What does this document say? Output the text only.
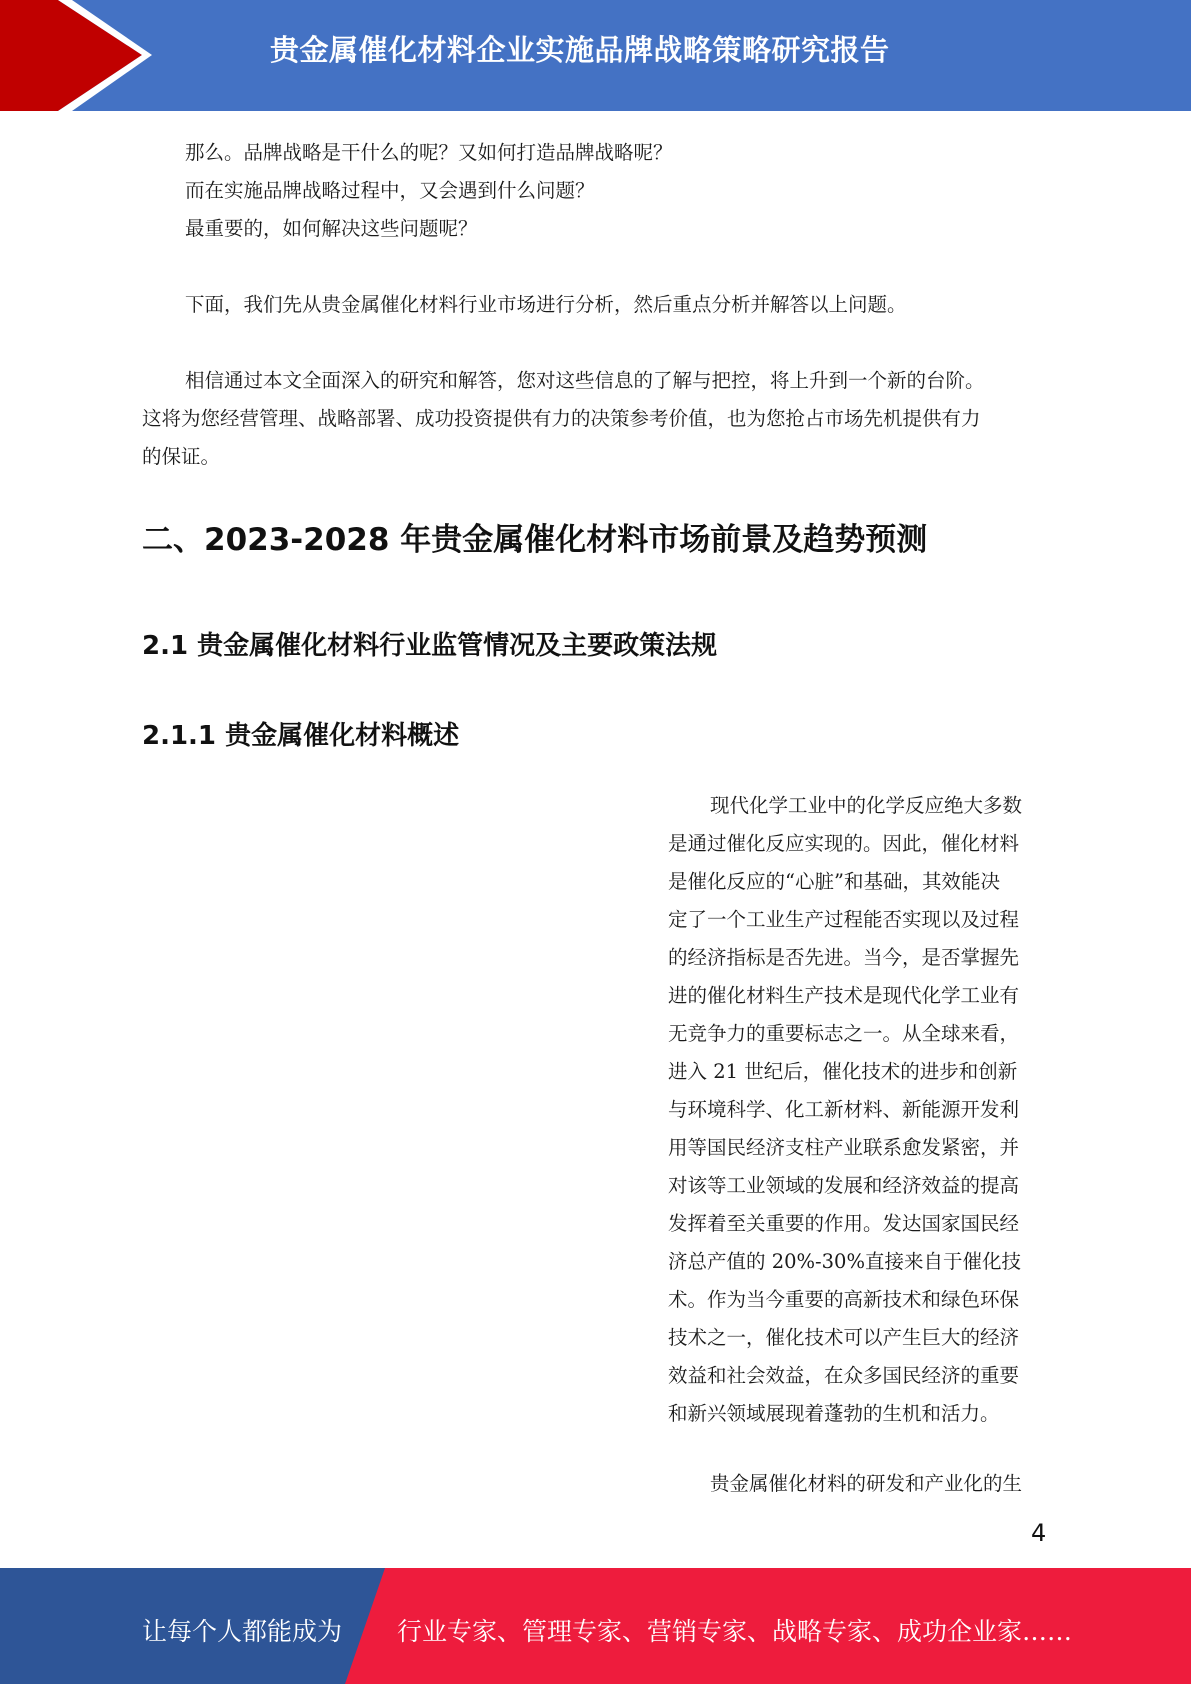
贵金属催化材料企业实施品牌战略策略研究报告

那么。品牌战略是干什么的呢？又如何打造品牌战略呢？

而在实施品牌战略过程中，又会遇到什么问题？

最重要的，如何解决这些问题呢？

下面，我们先从贵金属催化材料行业市场进行分析，然后重点分析并解答以上问题。

相信通过本文全面深入的研究和解答，您对这些信息的了解与把控，将上升到一个新的台阶。
这将为您经营管理、战略部署、成功投资提供有力的决策参考价值，也为您抢占市场先机提供有力
的保证。
二、2023-2028 年贵金属催化材料市场前景及趋势预测
2.1 贵金属催化材料行业监管情况及主要政策法规
2.1.1 贵金属催化材料概述
现代化学工业中的化学反应绝大多数
是通过催化反应实现的。因此，催化材料
是催化反应的“心脏”和基础，其效能决
定了一个工业生产过程能否实现以及过程
的经济指标是否先进。当今，是否掌握先
进的催化材料生产技术是现代化学工业有
无竞争力的重要标志之一。从全球来看，
进入 21 世纪后，催化技术的进步和创新
与环境科学、化工新材料、新能源开发利
用等国民经济支柱产业联系愈发紧密，并
对该等工业领域的发展和经济效益的提高
发挥着至关重要的作用。发达国家国民经
济总产值的 20%-30%直接来自于催化技
术。作为当今重要的高新技术和绿色环保
技术之一，催化技术可以产生巨大的经济
效益和社会效益，在众多国民经济的重要
和新兴领域展现着蓬勃的生机和活力。
贵金属催化材料的研发和产业化的生
4
让每个人都能成为 行业专家、管理专家、营销专家、战略专家、成功企业家……
